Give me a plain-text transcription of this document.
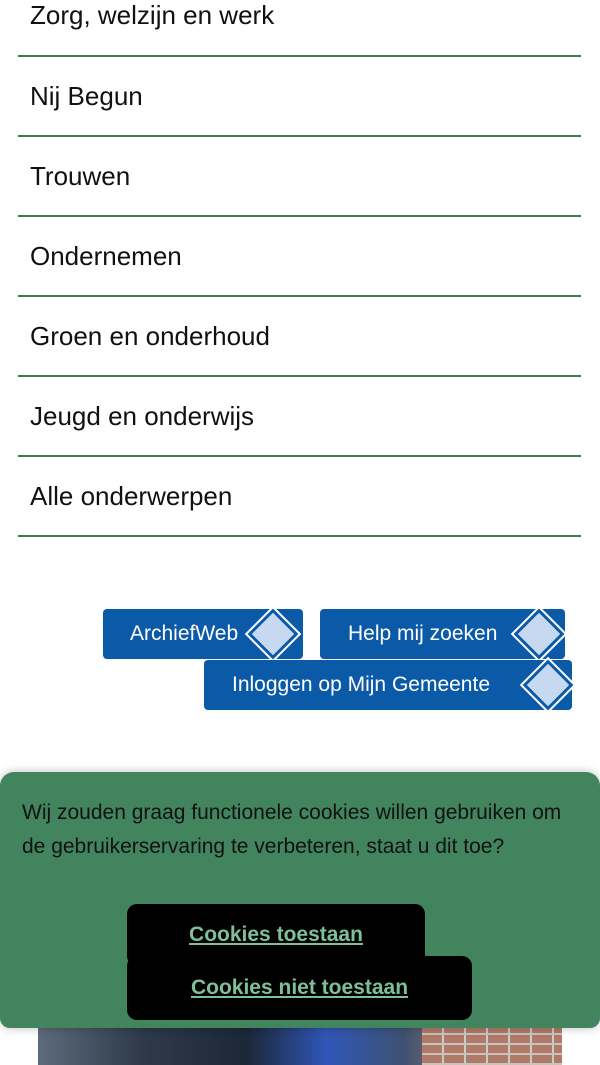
Zorg, welzijn en werk
Nij Begun
Trouwen
Ondernemen
Groen en onderhoud
Jeugd en onderwijs
Alle onderwerpen
ArchiefWeb	Help mij zoeken
Inloggen op Mijn Gemeente
Wij zouden graag functionele cookies willen gebruiken om de gebruikerservaring te verbeteren, staat u dit toe?
Cookies toestaan
Cookies niet toestaan
